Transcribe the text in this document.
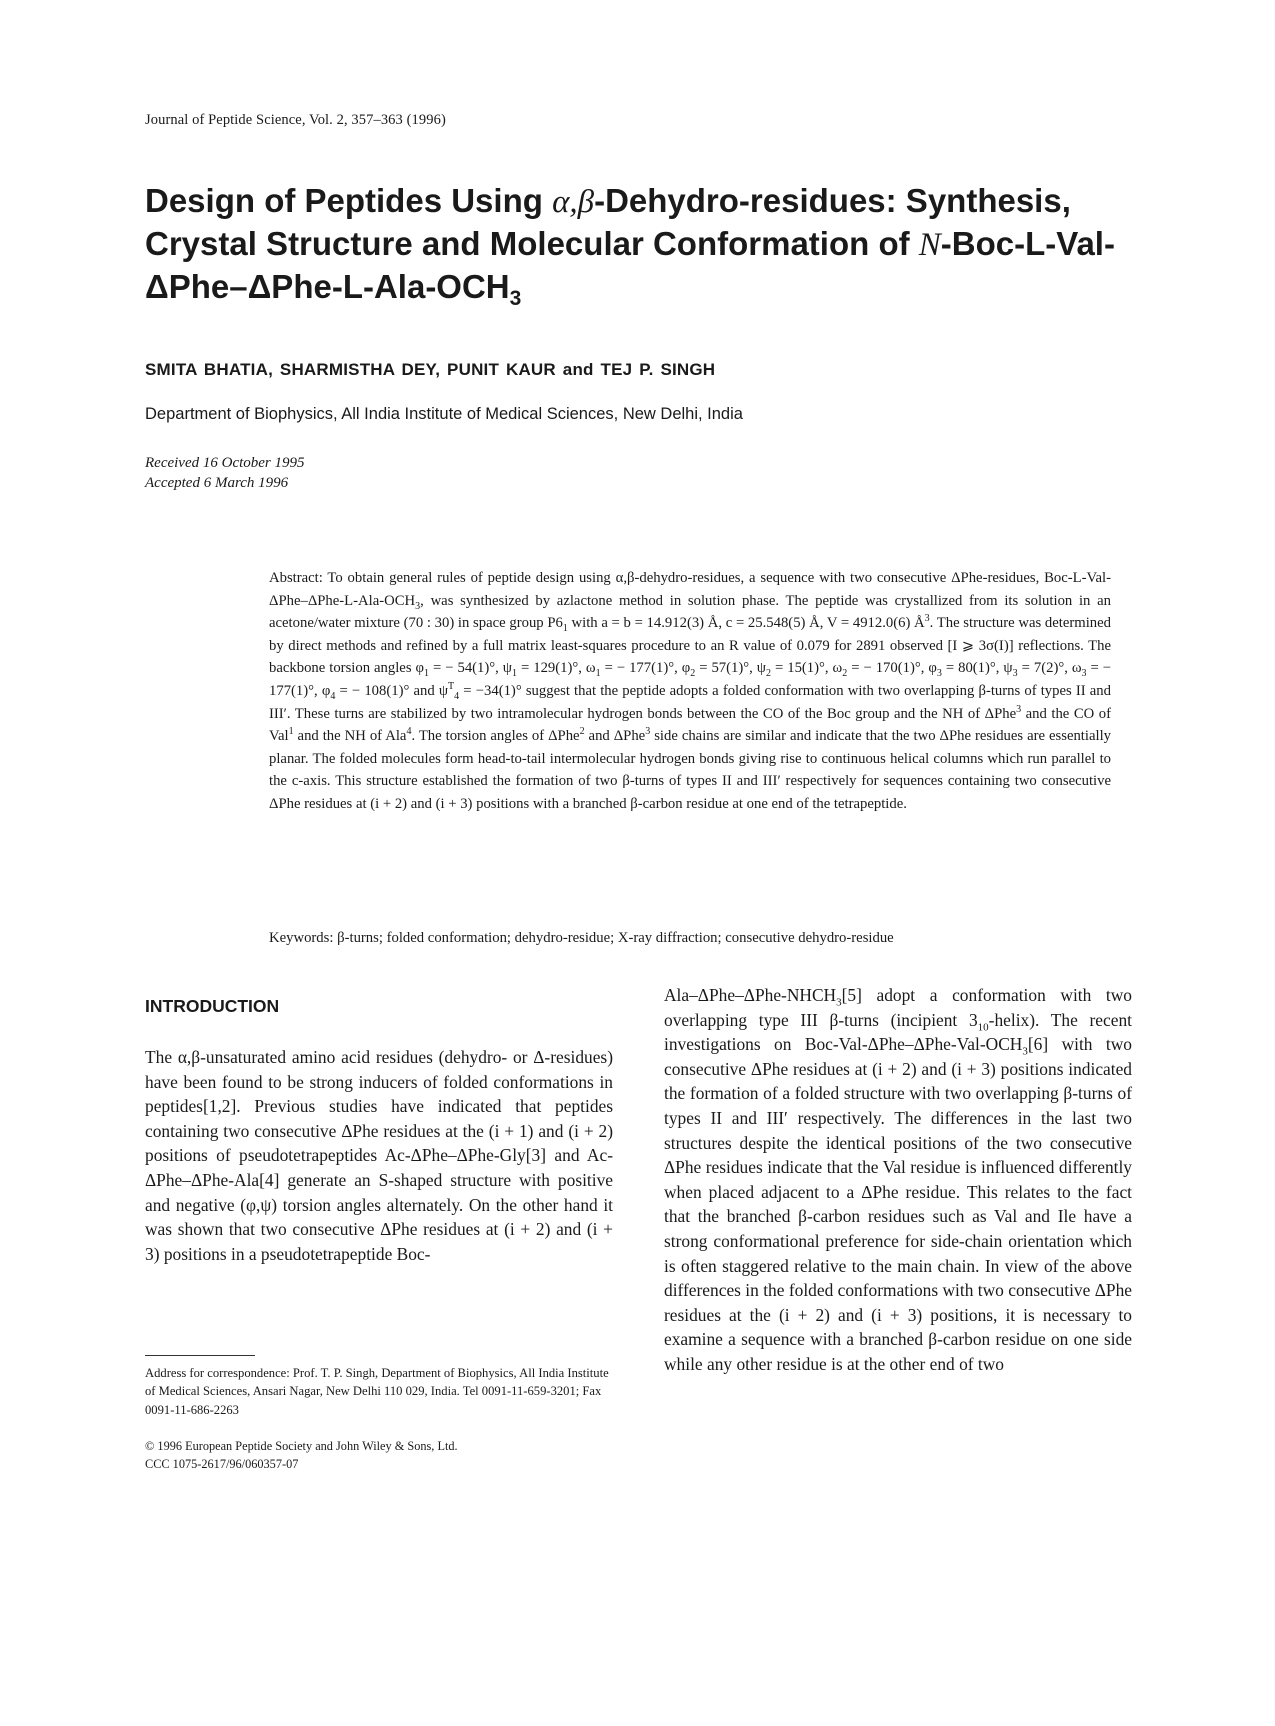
Journal of Peptide Science, Vol. 2, 357–363 (1996)
Design of Peptides Using α,β-Dehydro-residues: Synthesis, Crystal Structure and Molecular Conformation of $N-Boc-L-Val-\Delta Phe-\Delta Phe-L-Ala-OCH_3$
SMITA BHATIA, SHARMISTHA DEY, PUNIT KAUR and TEJ P. SINGH
Department of Biophysics, All India Institute of Medical Sciences, New Delhi, India
Received 16 October 1995
Accepted 6 March 1996

Abstract: To obtain general rules of peptide design using α,β-dehydro-residues, a sequence with two consecutive ΔPhe-residues, Boc-$L-Val-\Delta Phe-\Delta Phe-L-Ala-OCH_3$, was synthesized by azlactone method in solution phase. The peptide was crystallized from its solution in an acetone/water mixture (70 : 30) in space group $P6_1$ with a = b = 14.912(3) Å, c = 25.548(5) Å, V = 4912.0(6) $Å^3$. The structure was determined by direct methods and refined by a full matrix least-squares procedure to an R value of 0.079 for 2891 observed [I ⩾ 3σ(I)] reflections. The backbone torsion angles $\varphi_1$ = − 54(1)°, $\psi_1 = 129(1)^\circ$, $\omega_1$ = − 177(1)°, $\varphi_2 = 57(1)^\circ$, $\psi_2 = 15(1)^\circ$, $\omega_2$ = − 170(1)°, $\varphi_3 = 80(1)^\circ$, $\psi_3 = 7(2)^\circ$, $\omega_3$ = − 177(1)°, $\varphi_4$ = − 108(1)° and $\psi^T_4 = -34(1)^\circ$ suggest that the peptide adopts a folded conformation with two overlapping β-turns of types II and III′. These turns are stabilized by two intramolecular hydrogen bonds between the CO of the Boc group and the NH of ΔPhe$^3$ and the CO of Val$^1$ and the NH of Ala$^4$. The torsion angles of ΔPhe$^2$ and ΔPhe$^3$ side chains are similar and indicate that the two ΔPhe residues are essentially planar. The folded molecules form head-to-tail intermolecular hydrogen bonds giving rise to continuous helical columns which run parallel to the c-axis. This structure established the formation of two β-turns of types II and III′ respectively for sequences containing two consecutive ΔPhe residues at (i + 2) and (i + 3) positions with a branched β-carbon residue at one end of the tetrapeptide.

Keywords: β-turns; folded conformation; dehydro-residue; X-ray diffraction; consecutive dehydro-residue
INTRODUCTION

The α,β-unsaturated amino acid residues (dehydro- or Δ-residues) have been found to be strong inducers of folded conformations in peptides[1,2]. Previous studies have indicated that peptides containing two consecutive ΔPhe residues at the (i + 1) and (i + 2) positions of pseudotetrapeptides Ac-ΔPhe–ΔPhe-Gly[3] and Ac-ΔPhe–ΔPhe-Ala[4] generate an S-shaped structure with positive and negative (φ,ψ) torsion angles alternately. On the other hand it was shown that two consecutive ΔPhe residues at (i + 2) and (i + 3) positions in a pseudotetrapeptide Boc-

Ala–$\Delta Phe-\Delta Phe-NHCH_3[5]$ adopt a conformation with two overlapping type III β-turns (incipient $3_{10}-helix$). The recent investigations on Boc-$Val-\Delta Phe-\Delta Phe-Val-OCH_3[6]$ with two consecutive ΔPhe residues at (i + 2) and (i + 3) positions indicated the formation of a folded structure with two overlapping β-turns of types II and III′ respectively. The differences in the last two structures despite the identical positions of the two consecutive ΔPhe residues indicate that the Val residue is influenced differently when placed adjacent to a ΔPhe residue. This relates to the fact that the branched β-carbon residues such as Val and Ile have a strong conformational preference for side-chain orientation which is often staggered relative to the main chain. In view of the above differences in the folded conformations with two consecutive ΔPhe residues at the (i + 2) and (i + 3) positions, it is necessary to examine a sequence with a branched β-carbon residue on one side while any other residue is at the other end of two

Address for correspondence: Prof. T. P. Singh, Department of Biophysics, All India Institute of Medical Sciences, Ansari Nagar, New Delhi 110 029, India. Tel 0091-11-659-3201; Fax 0091-11-686-2263

© 1996 European Peptide Society and John Wiley & Sons, Ltd.
CCC 1075-2617/96/060357-07
